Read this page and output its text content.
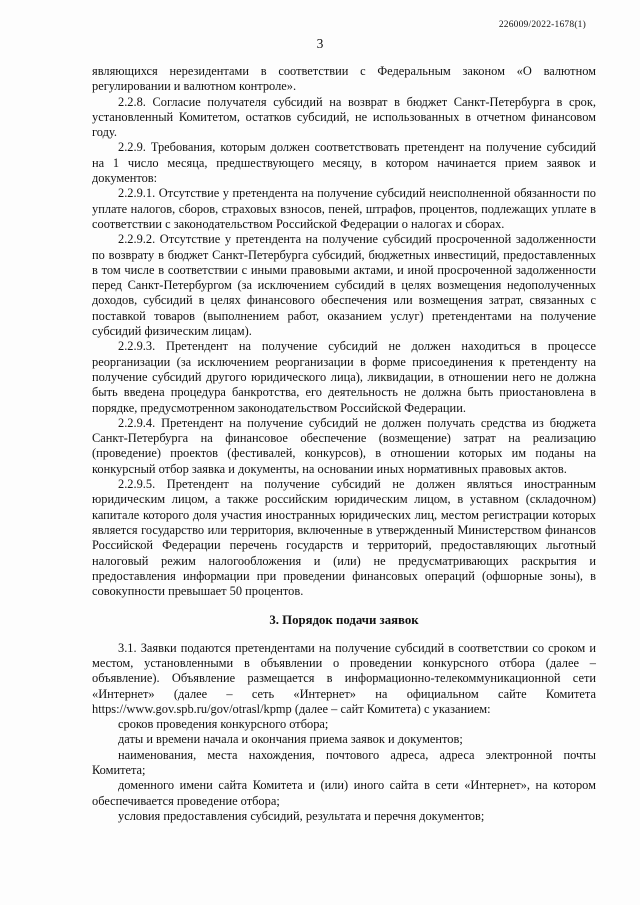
226009/2022-1678(1)
3

являющихся нерезидентами в соответствии с Федеральным законом «О валютном регулировании и валютном контроле».

2.2.8. Согласие получателя субсидий на возврат в бюджет Санкт-Петербурга в срок, установленный Комитетом, остатков субсидий, не использованных в отчетном финансовом году.

2.2.9. Требования, которым должен соответствовать претендент на получение субсидий на 1 число месяца, предшествующего месяцу, в котором начинается прием заявок и документов:

2.2.9.1. Отсутствие у претендента на получение субсидий неисполненной обязанности по уплате налогов, сборов, страховых взносов, пеней, штрафов, процентов, подлежащих уплате в соответствии с законодательством Российской Федерации о налогах и сборах.

2.2.9.2. Отсутствие у претендента на получение субсидий просроченной задолженности по возврату в бюджет Санкт-Петербурга субсидий, бюджетных инвестиций, предоставленных в том числе в соответствии с иными правовыми актами, и иной просроченной задолженности перед Санкт-Петербургом (за исключением субсидий в целях возмещения недополученных доходов, субсидий в целях финансового обеспечения или возмещения затрат, связанных с поставкой товаров (выполнением работ, оказанием услуг) претендентами на получение субсидий физическим лицам).

2.2.9.3. Претендент на получение субсидий не должен находиться в процессе реорганизации (за исключением реорганизации в форме присоединения к претенденту на получение субсидий другого юридического лица), ликвидации, в отношении него не должна быть введена процедура банкротства, его деятельность не должна быть приостановлена в порядке, предусмотренном законодательством Российской Федерации.

2.2.9.4. Претендент на получение субсидий не должен получать средства из бюджета Санкт-Петербурга на финансовое обеспечение (возмещение) затрат на реализацию (проведение) проектов (фестивалей, конкурсов), в отношении которых им поданы на конкурсный отбор заявка и документы, на основании иных нормативных правовых актов.

2.2.9.5. Претендент на получение субсидий не должен являться иностранным юридическим лицом, а также российским юридическим лицом, в уставном (складочном) капитале которого доля участия иностранных юридических лиц, местом регистрации которых является государство или территория, включенные в утвержденный Министерством финансов Российской Федерации перечень государств и территорий, предоставляющих льготный налоговый режим налогообложения и (или) не предусматривающих раскрытия и предоставления информации при проведении финансовых операций (офшорные зоны), в совокупности превышает 50 процентов.

3. Порядок подачи заявок

3.1. Заявки подаются претендентами на получение субсидий в соответствии со сроком и местом, установленными в объявлении о проведении конкурсного отбора (далее – объявление). Объявление размещается в информационно-телекоммуникационной сети «Интернет» (далее – сеть «Интернет» на официальном сайте Комитета https://www.gov.spb.ru/gov/otrasl/kpmp (далее – сайт Комитета) с указанием:

сроков проведения конкурсного отбора;

даты и времени начала и окончания приема заявок и документов;

наименования, места нахождения, почтового адреса, адреса электронной почты Комитета;

доменного имени сайта Комитета и (или) иного сайта в сети «Интернет», на котором обеспечивается проведение отбора;

условия предоставления субсидий, результата и перечня документов;
